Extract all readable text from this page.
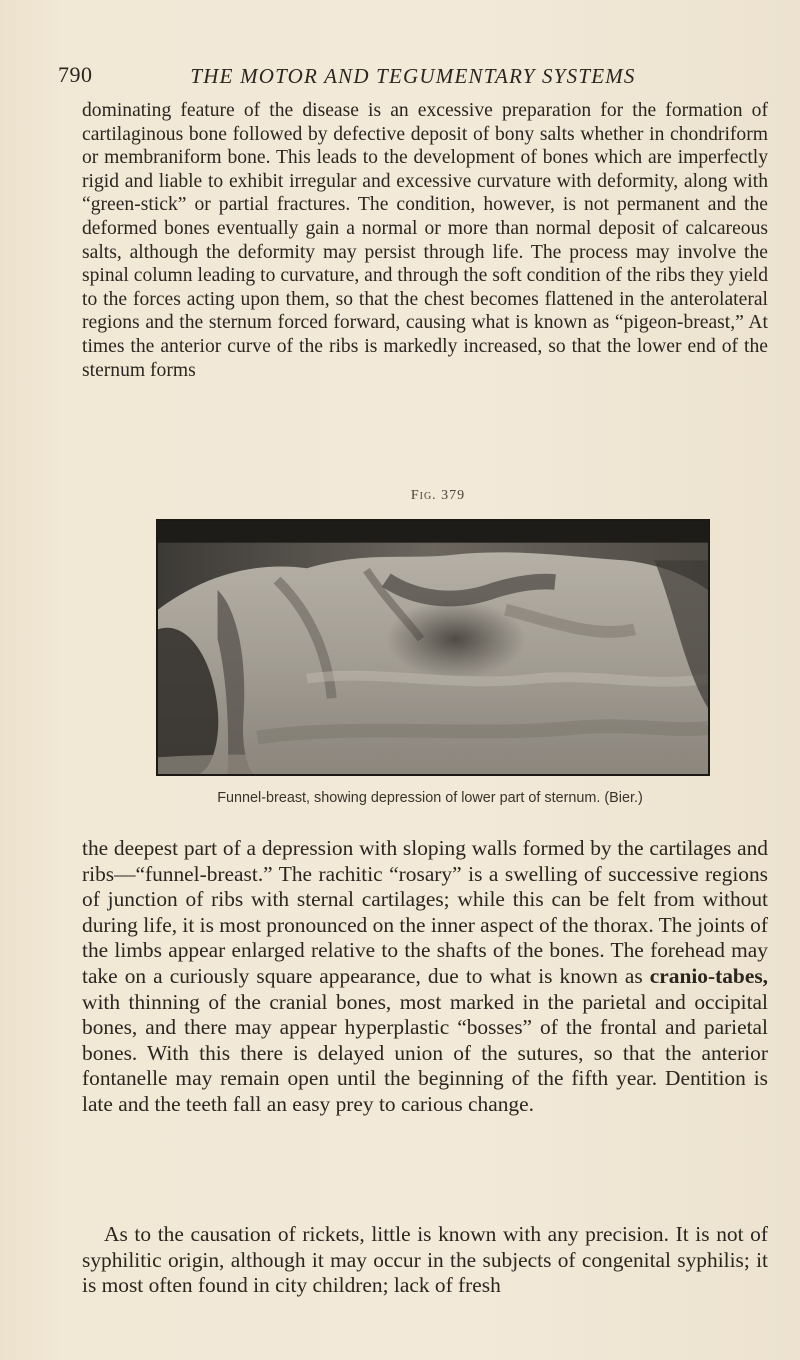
790	THE MOTOR AND TEGUMENTARY SYSTEMS

dominating feature of the disease is an excessive preparation for the formation of cartilaginous bone followed by defective deposit of bony salts whether in chondriform or membraniform bone. This leads to the development of bones which are imperfectly rigid and liable to exhibit irregular and excessive curvature with deformity, along with “green-stick” or partial fractures. The condition, however, is not permanent and the deformed bones eventually gain a normal or more than normal deposit of calcareous salts, although the deformity may persist through life. The process may involve the spinal column leading to curvature, and through the soft condition of the ribs they yield to the forces acting upon them, so that the chest becomes flattened in the anterolateral regions and the sternum forced forward, causing what is known as “pigeon-breast,” At times the anterior curve of the ribs is markedly increased, so that the lower end of the sternum forms

Fig. 379
Funnel-breast, showing depression of lower part of sternum. (Bier.)

the deepest part of a depression with sloping walls formed by the cartilages and ribs—“funnel-breast.” The rachitic “rosary” is a swelling of successive regions of junction of ribs with sternal cartilages; while this can be felt from without during life, it is most pronounced on the inner aspect of the thorax. The joints of the limbs appear enlarged relative to the shafts of the bones. The forehead may take on a curiously square appearance, due to what is known as cranio-tabes, with thinning of the cranial bones, most marked in the parietal and occipital bones, and there may appear hyperplastic “bosses” of the frontal and parietal bones. With this there is delayed union of the sutures, so that the anterior fontanelle may remain open until the beginning of the fifth year. Dentition is late and the teeth fall an easy prey to carious change.

As to the causation of rickets, little is known with any precision. It is not of syphilitic origin, although it may occur in the subjects of congenital syphilis; it is most often found in city children; lack of fresh
